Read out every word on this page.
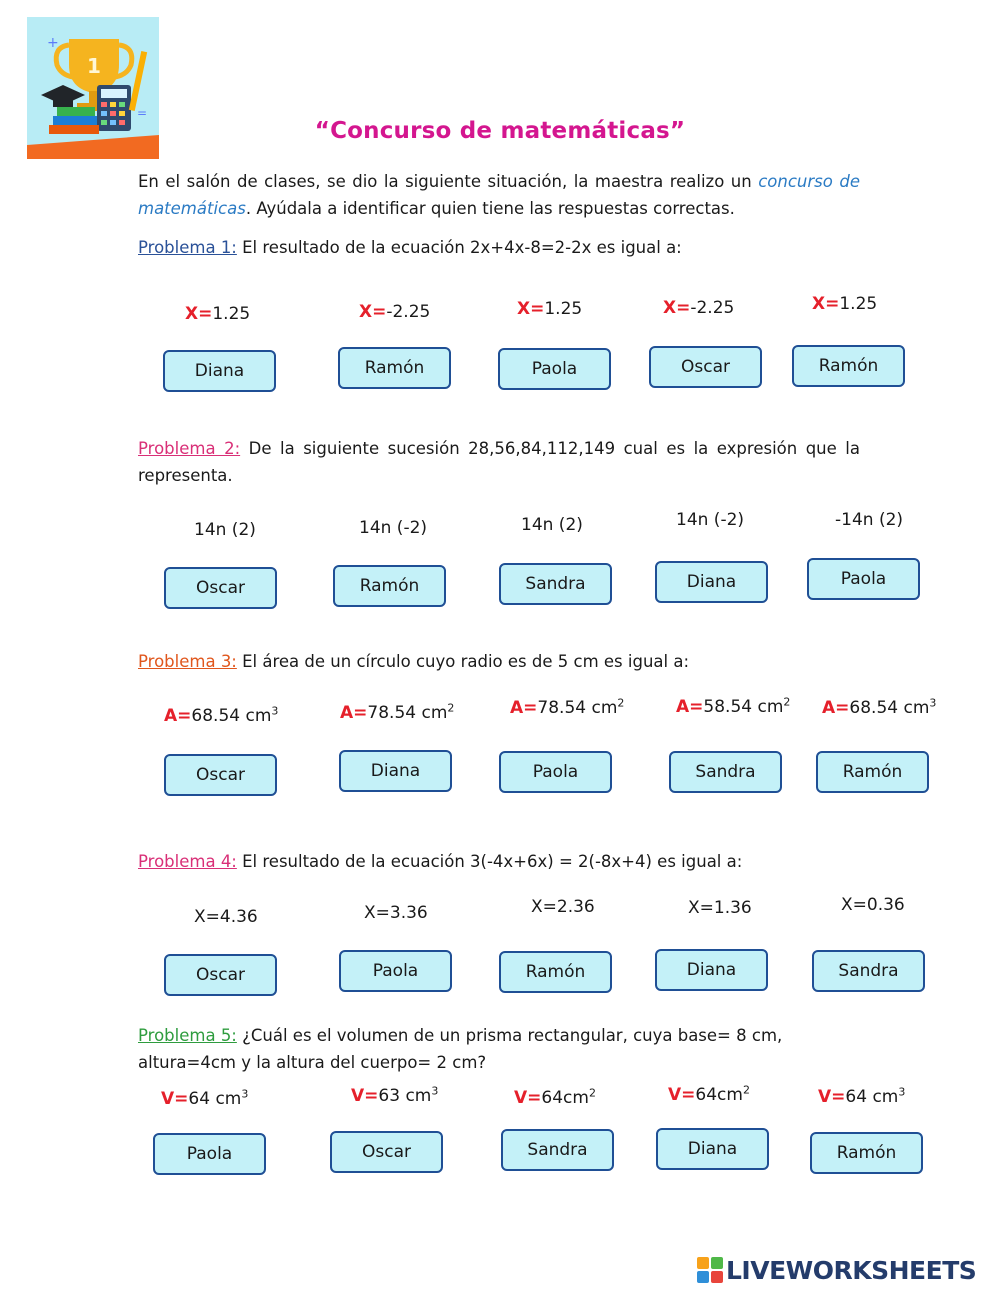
1
+
=
“Concurso de matemáticas”
En el salón de clases, se dio la siguiente situación, la maestra realizo un concurso de matemáticas. Ayúdala a identificar quien tiene las respuestas correctas.
Problema 1: El resultado de la ecuación 2x+4x-8=2-2x es igual a:
X=1.25	X=-2.25	X=1.25	X=-2.25	X=1.25
Diana	Ramón	Paola	Oscar	Ramón
Problema 2: De la siguiente sucesión 28,56,84,112,149 cual es la expresión que la representa.
14n (2)	14n (-2)	14n (2)	14n (-2)	-14n (2)
Oscar	Ramón	Sandra	Diana	Paola
Problema 3: El área de un círculo cuyo radio es de 5 cm es igual a:
A=68.54 $cm^3$	A=78.54 $cm^2$	A=78.54 $cm^2$	A=58.54 $cm^2$ A=68.54 $cm^3$
Oscar	Diana	Paola	Sandra	Ramón
Problema 4: El resultado de la ecuación 3(-4x+6x) = 2(-8x+4) es igual a:
X=4.36	X=3.36	X=2.36	X=1.36	X=0.36
Oscar	Paola	Ramón	Diana	Sandra
Problema 5: ¿Cuál es el volumen de un prisma rectangular, cuya base= 8 cm, altura=4cm y la altura del cuerpo= 2 cm?
V=64 $cm^3$	V=63 $cm^3$	$V=64cm^2$	$V=64cm^2$	V=64 $cm^3$
Paola	Oscar	Sandra	Diana	Ramón
LIVEWORKSHEETS
